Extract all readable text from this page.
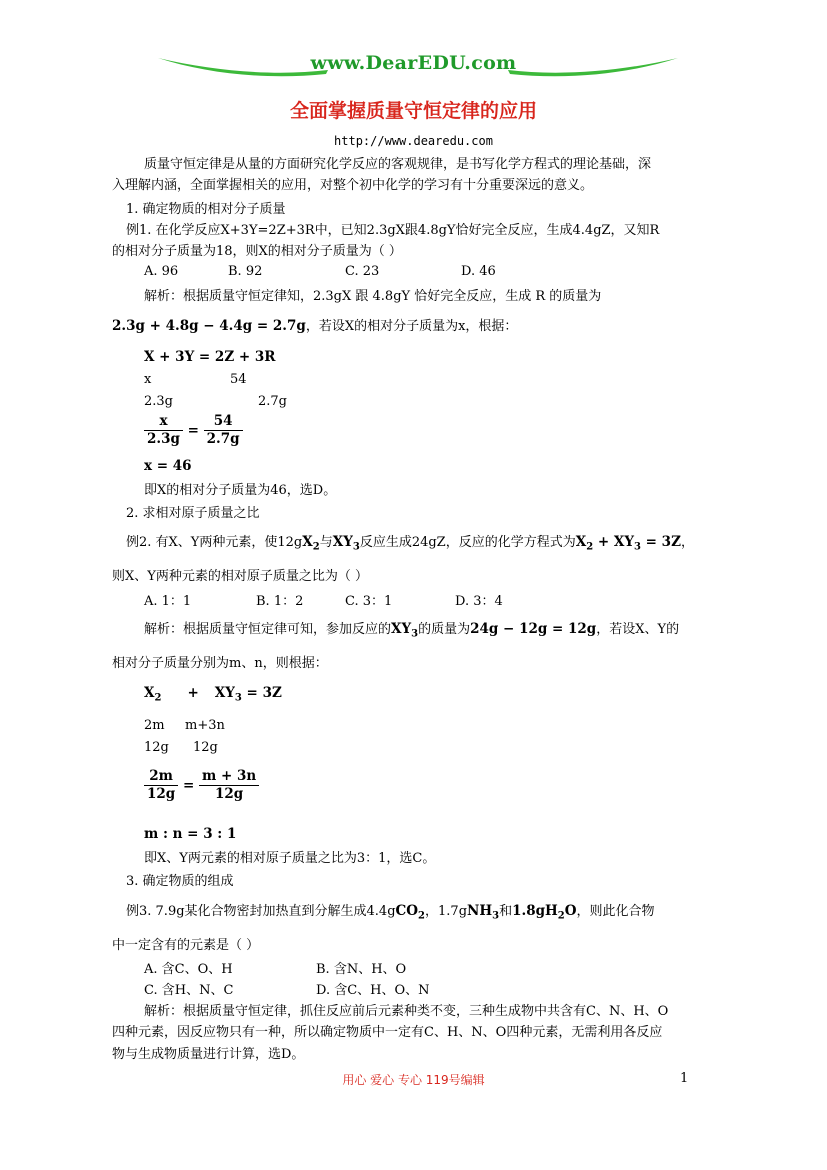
www.DearEDU.com
全面掌握质量守恒定律的应用
http://www.dearedu.com
质量守恒定律是从量的方面研究化学反应的客观规律，是书写化学方程式的理论基础，深
入理解内涵，全面掌握相关的应用，对整个初中化学的学习有十分重要深远的意义。
1. 确定物质的相对分子质量
例1. 在化学反应X+3Y=2Z+3R中，已知2.3gX跟4.8gY恰好完全反应，生成4.4gZ，又知R
的相对分子质量为18，则X的相对分子质量为（ ）
A. 96	B. 92	C. 23	D. 46
解析：根据质量守恒定律知，2.3gX 跟 4.8gY 恰好完全反应，生成 R 的质量为
2.3g + 4.8g − 4.4g = 2.7g，若设X的相对分子质量为x，根据：
X + 3Y = 2Z + 3R
x	54
2.3g	2.7g
$\frac{x}{2.3g} = \frac{54}{2.7g}$
x = 46
即X的相对分子质量为46，选D。
2. 求相对原子质量之比
例2. 有X、Y两种元素，使$12gX_2$与$XY_3$反应生成24gZ，反应的化学方程式为$X_2 + XY_3 = 3Z$，
则X、Y两种元素的相对原子质量之比为（ ）
A. 1：1	B. 1：2	C. 3：1	D. 3：4
解析：根据质量守恒定律可知，参加反应的$XY_3$的质量为24g − 12g = 12g，若设X、Y的
相对分子质量分别为m、n，则根据：
$X_2 + XY_3 = 3Z$
2m m+3n
12g 12g
$\frac{2m}{12g} = \frac{m + 3n}{12g}$
m : n = 3 : 1
即X、Y两元素的相对原子质量之比为3：1，选C。
3. 确定物质的组成
例3. 7.9g某化合物密封加热直到分解生成4.4gCO$_2$，1.7gNH$_3$和$1.8gH_2O$，则此化合物
中一定含有的元素是（ ）
A. 含C、O、H	B. 含N、H、O
C. 含H、N、C	D. 含C、H、O、N
解析：根据质量守恒定律，抓住反应前后元素种类不变，三种生成物中共含有C、N、H、O
四种元素，因反应物只有一种，所以确定物质中一定有C、H、N、O四种元素，无需利用各反应
物与生成物质量进行计算，选D。
用心 爱心 专心 119号编辑	1
